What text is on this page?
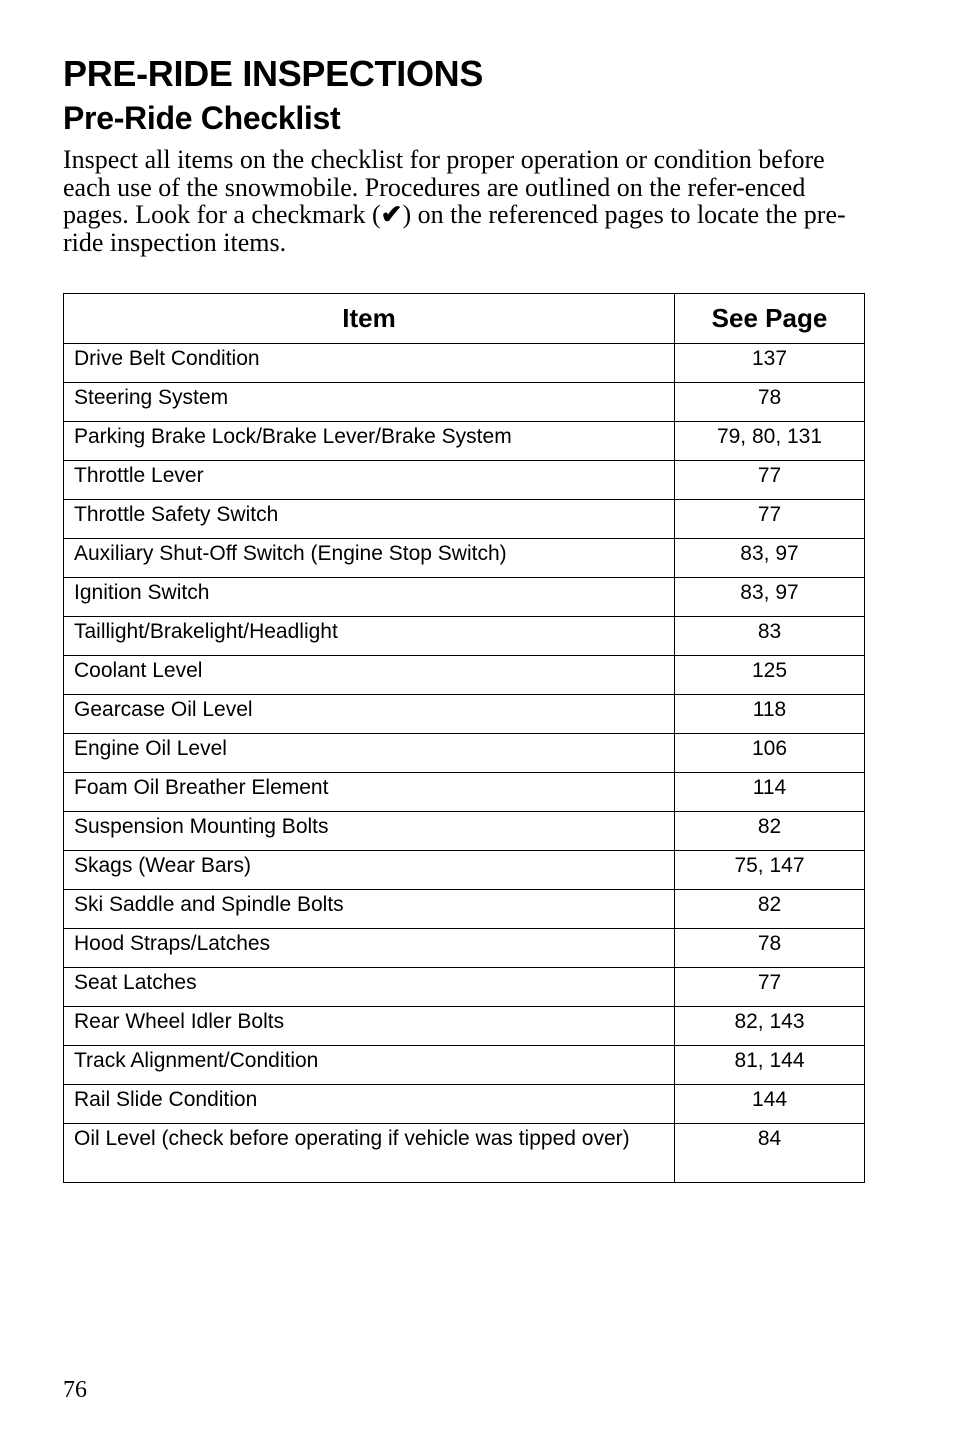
PRE-RIDE INSPECTIONS
Pre-Ride Checklist

Inspect all items on the checklist for proper operation or condition before each use of the snowmobile. Procedures are outlined on the refer-enced pages. Look for a checkmark (✔) on the referenced pages to locate the pre-ride inspection items.

Item	See Page
Drive Belt Condition	137
Steering System	78
Parking Brake Lock/Brake Lever/Brake System	79, 80, 131
Throttle Lever	77
Throttle Safety Switch	77
Auxiliary Shut-Off Switch (Engine Stop Switch)	83, 97
Ignition Switch	83, 97
Taillight/Brakelight/Headlight	83
Coolant Level	125
Gearcase Oil Level	118
Engine Oil Level	106
Foam Oil Breather Element	114
Suspension Mounting Bolts	82
Skags (Wear Bars)	75, 147
Ski Saddle and Spindle Bolts	82
Hood Straps/Latches	78
Seat Latches	77
Rear Wheel Idler Bolts	82, 143
Track Alignment/Condition	81, 144
Rail Slide Condition	144
Oil Level (check before operating if vehicle was tipped over)	84
76
